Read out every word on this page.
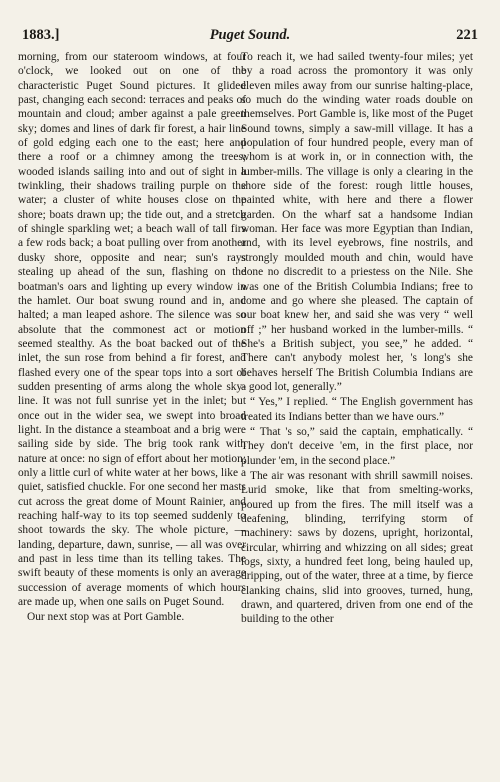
1883.]	Puget Sound.	221

morning, from our stateroom windows, at four o'clock, we looked out on one of the characteristic Puget Sound pictures. It glided past, changing each second: terraces and peaks of mountain and cloud; amber against a pale green sky; domes and lines of dark fir forest, a hair line of gold edging each one to the east; here and there a roof or a chimney among the trees; wooded islands sailing into and out of sight in a twinkling, their shadows trailing purple on the water; a cluster of white houses close on the shore; boats drawn up; the tide out, and a stretch of shingle sparkling wet; a beach wall of tall firs a few rods back; a boat pulling over from another dusky shore, opposite and near; sun's rays stealing up ahead of the sun, flashing on the boatman's oars and lighting up every window in the hamlet. Our boat swung round and in, and halted; a man leaped ashore. The silence was so absolute that the commonest act or motion seemed stealthy. As the boat backed out of the inlet, the sun rose from behind a fir forest, and flashed every one of the spear tops into a sort of sudden presenting of arms along the whole sky-line. It was not full sunrise yet in the inlet; but once out in the wider sea, we swept into broad light. In the distance a steamboat and a brig were sailing side by side. The brig took rank with nature at once: no sign of effort about her motion; only a little curl of white water at her bows, like a quiet, satisfied chuckle. For one second her masts cut across the great dome of Mount Rainier, and reaching half-way to its top seemed suddenly to shoot towards the sky. The whole picture, — landing, departure, dawn, sunrise, — all was over and past in less time than its telling takes. The swift beauty of these moments is only an average succession of average moments of which hours are made up, when one sails on Puget Sound.

Our next stop was at Port Gamble.

To reach it, we had sailed twenty-four miles; yet by a road across the promontory it was only eleven miles away from our sunrise halting-place, so much do the winding water roads double on themselves. Port Gamble is, like most of the Puget Sound towns, simply a saw-mill village. It has a population of four hundred people, every man of whom is at work in, or in connection with, the lumber-mills. The village is only a clearing in the shore side of the forest: rough little houses, painted white, with here and there a flower garden. On the wharf sat a handsome Indian woman. Her face was more Egyptian than Indian, and, with its level eyebrows, fine nostrils, and strongly moulded mouth and chin, would have done no discredit to a priestess on the Nile. She was one of the British Columbia Indians; free to come and go where she pleased. The captain of our boat knew her, and said she was very “ well off ;” her husband worked in the lumber-mills. “ She's a British subject, you see,” he added. “ There can't anybody molest her, 's long's she behaves herself The British Columbia Indians are a good lot, generally.”

“ Yes,” I replied. “ The English government has treated its Indians better than we have ours.”

“ That 's so,” said the captain, emphatically. “ They don't deceive 'em, in the first place, nor plunder 'em, in the second place.”

The air was resonant with shrill sawmill noises. Lurid smoke, like that from smelting-works, poured up from the fires. The mill itself was a deafening, blinding, terrifying storm of machinery: saws by dozens, upright, horizontal, circular, whirring and whizzing on all sides; great logs, sixty, a hundred feet long, being hauled up, dripping, out of the water, three at a time, by fierce clanking chains, slid into grooves, turned, hung, drawn, and quartered, driven from one end of the building to the other
